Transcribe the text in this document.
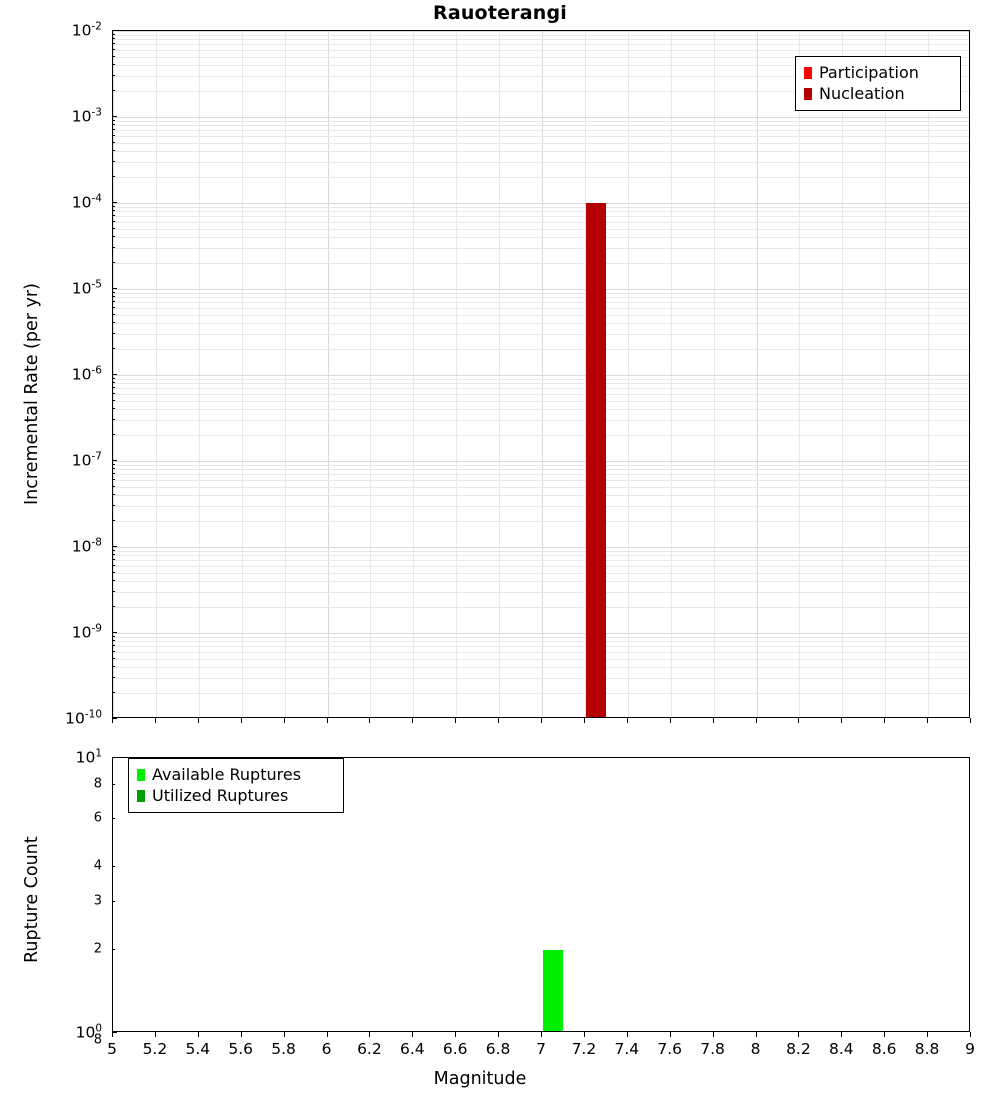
Rauoterangi
Incremental Rate (per yr)
Participation
Nucleation
Rupture Count
Magnitude
Available Ruptures
Utilized Ruptures
$10^{-10}$
$10^{-9}$
$10^{-8}$
$10^{-7}$
$10^{-6}$
$10^{-5}$
$10^{-4}$
$10^{-3}$
$10^{-2}$
$10^1$
$10^0$
8
6
4
3
2
8 5 5.2 5.4 5.6 5.8 6 6.2 6.4 6.6 6.8 7 7.2 7.4 7.6 7.8 8 8.2 8.4 8.6 8.8 9
